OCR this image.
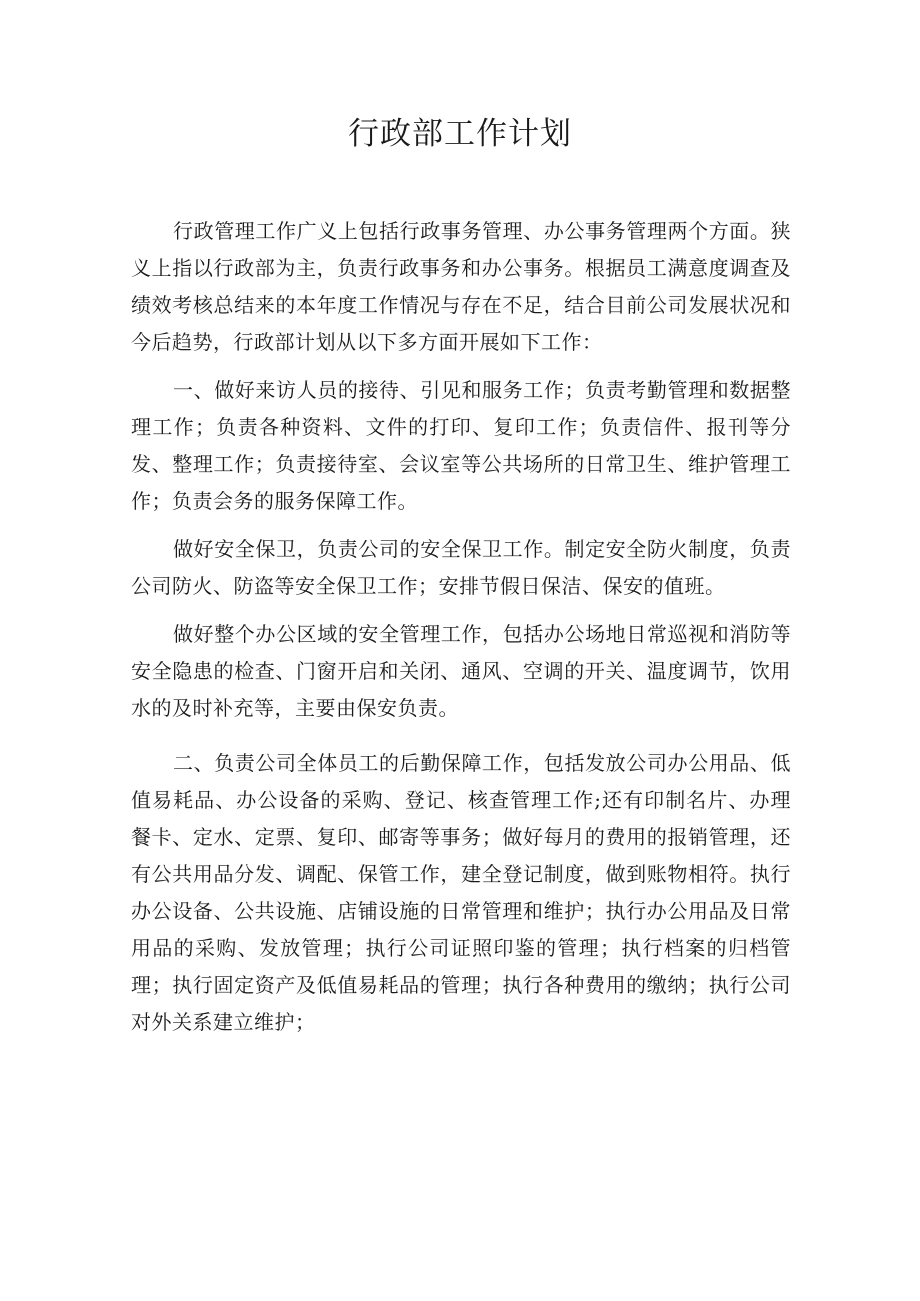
行政部工作计划

行政管理工作广义上包括行政事务管理、办公事务管理两个方面。狭义上指以行政部为主，负责行政事务和办公事务。根据员工满意度调查及绩效考核总结来的本年度工作情况与存在不足，结合目前公司发展状况和今后趋势，行政部计划从以下多方面开展如下工作：

一、做好来访人员的接待、引见和服务工作；负责考勤管理和数据整理工作；负责各种资料、文件的打印、复印工作；负责信件、报刊等分发、整理工作；负责接待室、会议室等公共场所的日常卫生、维护管理工作；负责会务的服务保障工作。

做好安全保卫，负责公司的安全保卫工作。制定安全防火制度，负责公司防火、防盗等安全保卫工作；安排节假日保洁、保安的值班。

做好整个办公区域的安全管理工作，包括办公场地日常巡视和消防等安全隐患的检查、门窗开启和关闭、通风、空调的开关、温度调节，饮用水的及时补充等，主要由保安负责。

二、负责公司全体员工的后勤保障工作，包括发放公司办公用品、低值易耗品、办公设备的采购、登记、核查管理工作;还有印制名片、办理餐卡、定水、定票、复印、邮寄等事务；做好每月的费用的报销管理，还有公共用品分发、调配、保管工作，建全登记制度，做到账物相符。执行办公设备、公共设施、店铺设施的日常管理和维护；执行办公用品及日常用品的采购、发放管理；执行公司证照印鉴的管理；执行档案的归档管理；执行固定资产及低值易耗品的管理；执行各种费用的缴纳；执行公司对外关系建立维护；
